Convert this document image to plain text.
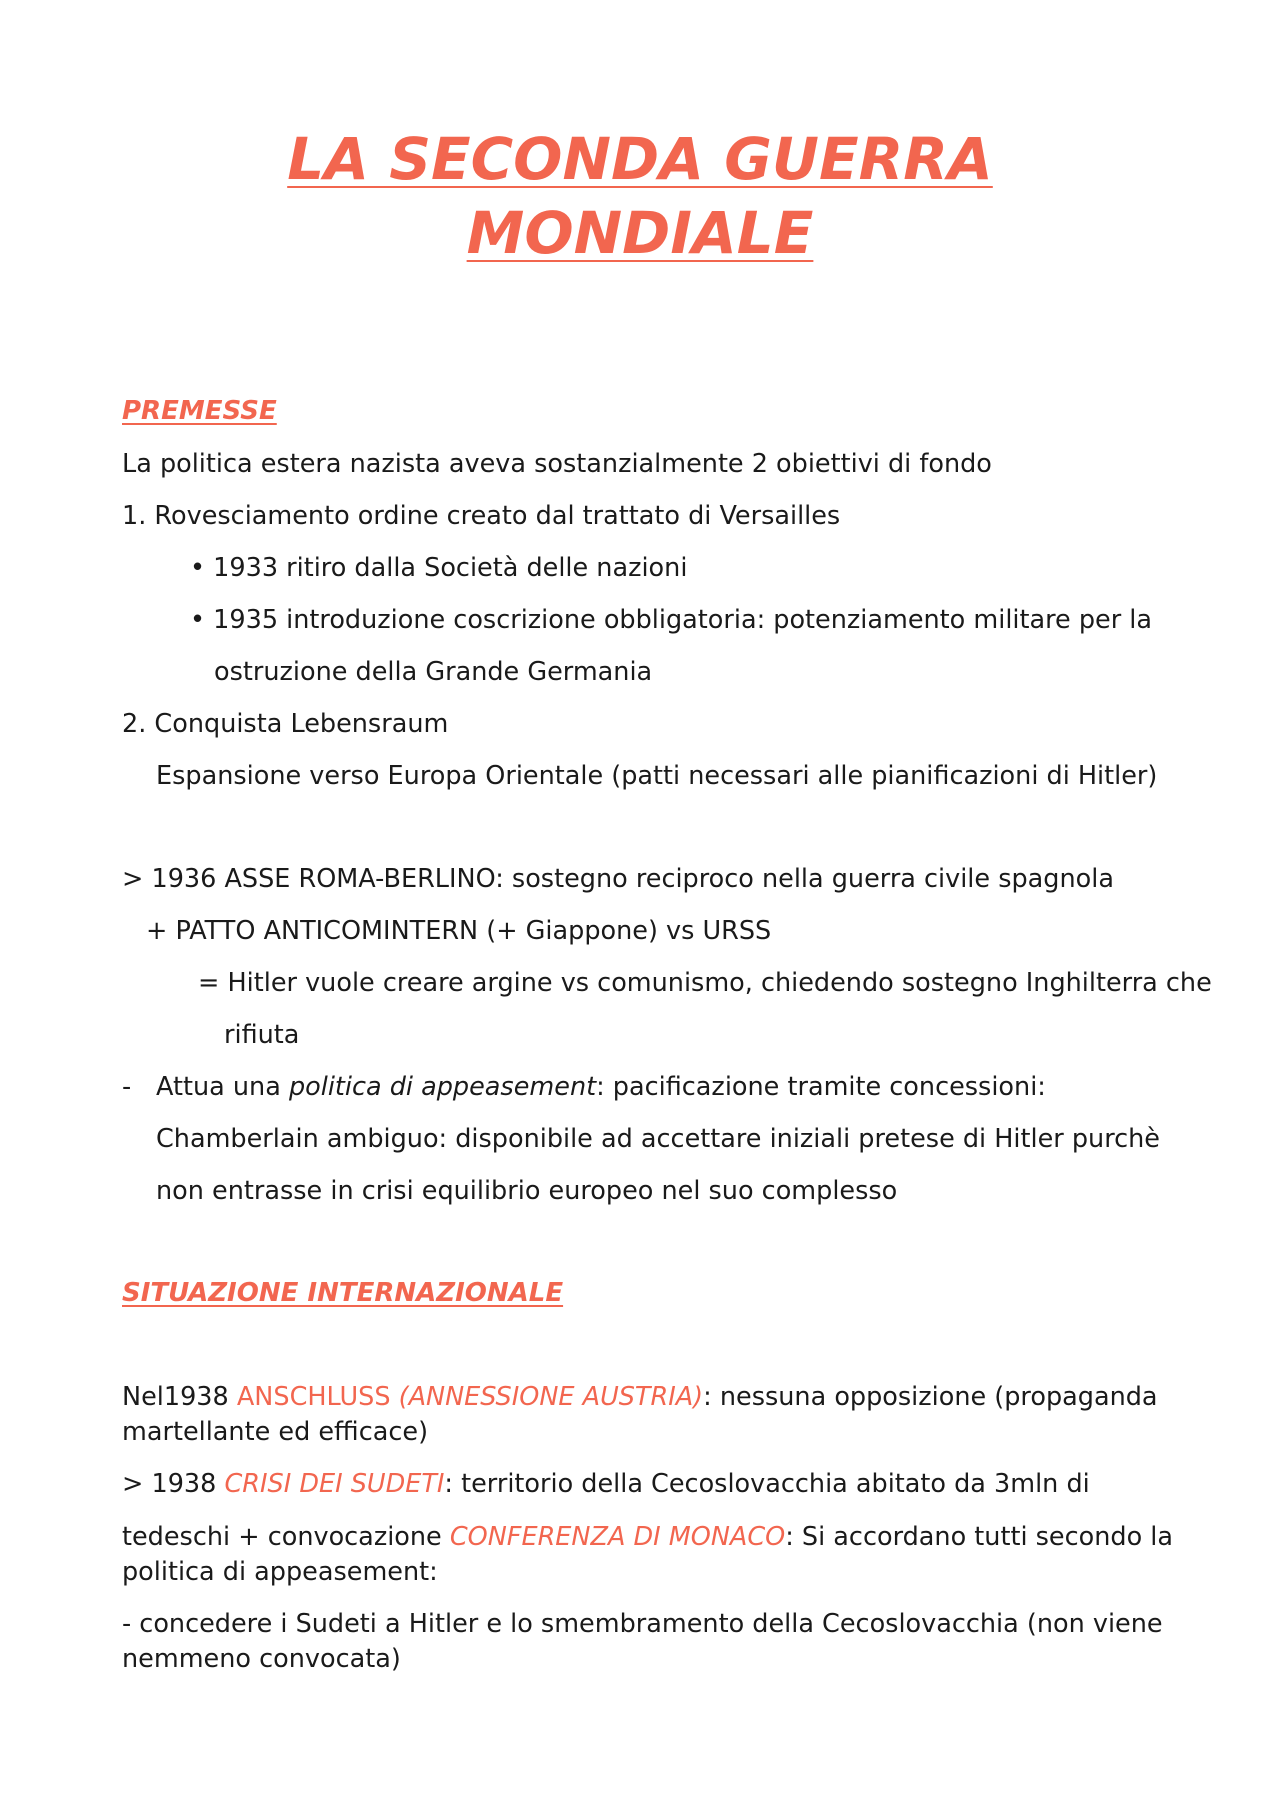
LA SECONDA GUERRA
MONDIALE
PREMESSE
La politica estera nazista aveva sostanzialmente 2 obiettivi di fondo
1. Rovesciamento ordine creato dal trattato di Versailles
• 1933 ritiro dalla Società delle nazioni
• 1935 introduzione coscrizione obbligatoria: potenziamento militare per la
ostruzione della Grande Germania
2. Conquista Lebensraum
Espansione verso Europa Orientale (patti necessari alle pianificazioni di Hitler)
> 1936 ASSE ROMA-BERLINO: sostegno reciproco nella guerra civile spagnola
+ PATTO ANTICOMINTERN (+ Giappone) vs URSS
= Hitler vuole creare argine vs comunismo, chiedendo sostegno Inghilterra che
rifiuta
- Attua una politica di appeasement: pacificazione tramite concessioni:
Chamberlain ambiguo: disponibile ad accettare iniziali pretese di Hitler purchè
non entrasse in crisi equilibrio europeo nel suo complesso
SITUAZIONE INTERNAZIONALE
Nel1938 ANSCHLUSS (ANNESSIONE AUSTRIA): nessuna opposizione (propaganda
martellante ed efficace)
> 1938 CRISI DEI SUDETI: territorio della Cecoslovacchia abitato da 3mln di
tedeschi + convocazione CONFERENZA DI MONACO: Si accordano tutti secondo la
politica di appeasement:
- concedere i Sudeti a Hitler e lo smembramento della Cecoslovacchia (non viene
nemmeno convocata)
